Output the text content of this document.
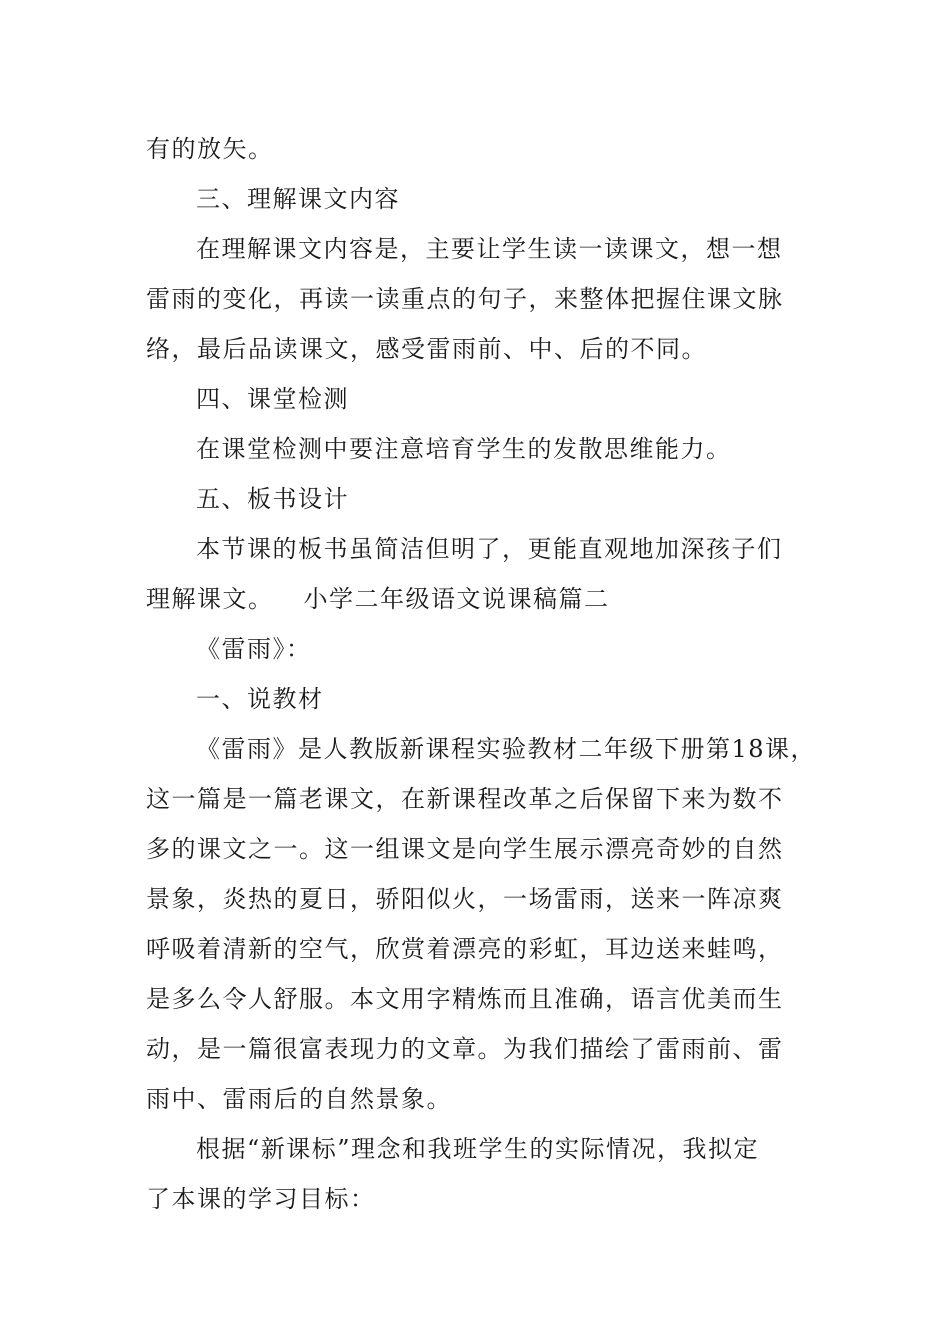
有的放矢。
三、理解课文内容
在理解课文内容是，主要让学生读一读课文，想一想
雷雨的变化，再读一读重点的句子，来整体把握住课文脉
络，最后品读课文，感受雷雨前、中、后的不同。
四、课堂检测
在课堂检测中要注意培育学生的发散思维能力。
五、板书设计
本节课的板书虽简洁但明了，更能直观地加深孩子们
理解课文。 小学二年级语文说课稿篇二
《雷雨》：
一、说教材
《雷雨》是人教版新课程实验教材二年级下册第18课，
这一篇是一篇老课文，在新课程改革之后保留下来为数不
多的课文之一。这一组课文是向学生展示漂亮奇妙的自然
景象，炎热的夏日，骄阳似火，一场雷雨，送来一阵凉爽
呼吸着清新的空气，欣赏着漂亮的彩虹，耳边送来蛙鸣，
是多么令人舒服。本文用字精炼而且准确，语言优美而生
动，是一篇很富表现力的文章。为我们描绘了雷雨前、雷
雨中、雷雨后的自然景象。
根据“新课标”理念和我班学生的实际情况，我拟定
了本课的学习目标：
